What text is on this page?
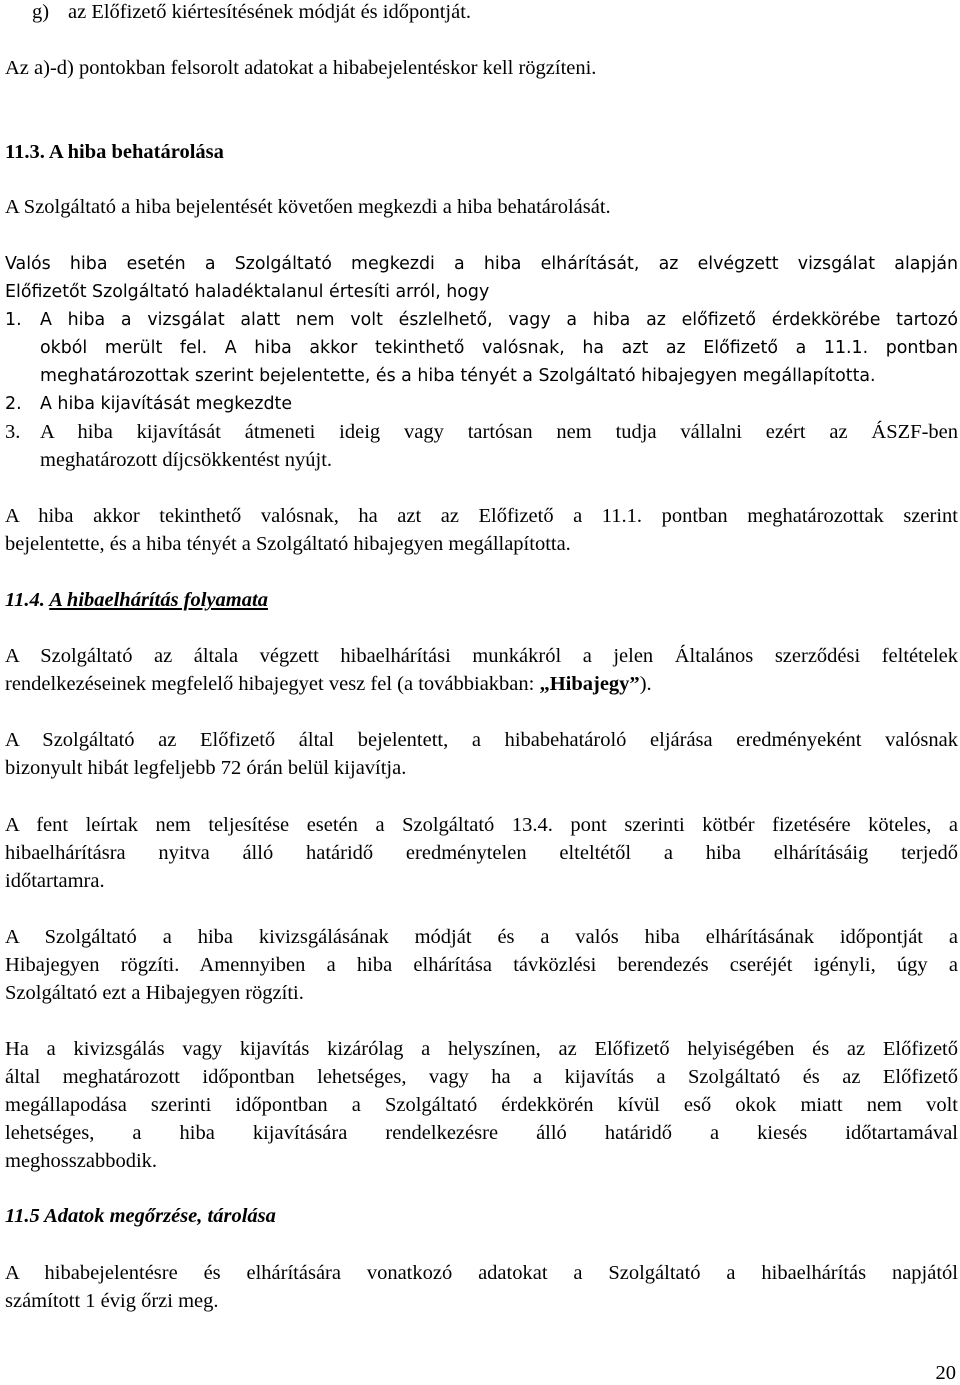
g) az Előfizető kiértesítésének módját és időpontját.

Az a)-d) pontokban felsorolt adatokat a hibabejelentéskor kell rögzíteni.

11.3. A hiba behatárolása

A Szolgáltató a hiba bejelentését követően megkezdi a hiba behatárolását.

Valós hiba esetén a Szolgáltató megkezdi a hiba elhárítását, az elvégzett vizsgálat alapján
Előfizetőt Szolgáltató haladéktalanul értesíti arról, hogy
1. A hiba a vizsgálat alatt nem volt észlelhető, vagy a hiba az előfizető érdekkörébe tartozó
okból merült fel. A hiba akkor tekinthető valósnak, ha azt az Előfizető a 11.1. pontban
meghatározottak szerint bejelentette, és a hiba tényét a Szolgáltató hibajegyen megállapította.
2. A hiba kijavítását megkezdte
3. A hiba kijavítását átmeneti ideig vagy tartósan nem tudja vállalni ezért az ÁSZF-ben
meghatározott díjcsökkentést nyújt.
A hiba akkor tekinthető valósnak, ha azt az Előfizető a 11.1. pontban meghatározottak szerint
bejelentette, és a hiba tényét a Szolgáltató hibajegyen megállapította.

11.4. A hibaelhárítás folyamata

A Szolgáltató az általa végzett hibaelhárítási munkákról a jelen Általános szerződési feltételek
rendelkezéseinek megfelelő hibajegyet vesz fel (a továbbiakban: „Hibajegy”).
A Szolgáltató az Előfizető által bejelentett, a hibabehatároló eljárása eredményeként valósnak
bizonyult hibát legfeljebb 72 órán belül kijavítja.
A fent leírtak nem teljesítése esetén a Szolgáltató 13.4. pont szerinti kötbér fizetésére köteles, a
hibaelhárításra nyitva álló határidő eredménytelen elteltétől a hiba elhárításáig terjedő
időtartamra.
A Szolgáltató a hiba kivizsgálásának módját és a valós hiba elhárításának időpontját a
Hibajegyen rögzíti. Amennyiben a hiba elhárítása távközlési berendezés cseréjét igényli, úgy a
Szolgáltató ezt a Hibajegyen rögzíti.
Ha a kivizsgálás vagy kijavítás kizárólag a helyszínen, az Előfizető helyiségében és az Előfizető
által meghatározott időpontban lehetséges, vagy ha a kijavítás a Szolgáltató és az Előfizető
megállapodása szerinti időpontban a Szolgáltató érdekkörén kívül eső okok miatt nem volt
lehetséges, a hiba kijavítására rendelkezésre álló határidő a kiesés időtartamával
meghosszabbodik.

11.5 Adatok megőrzése, tárolása

A hibabejelentésre és elhárítására vonatkozó adatokat a Szolgáltató a hibaelhárítás napjától
számított 1 évig őrzi meg.
20
